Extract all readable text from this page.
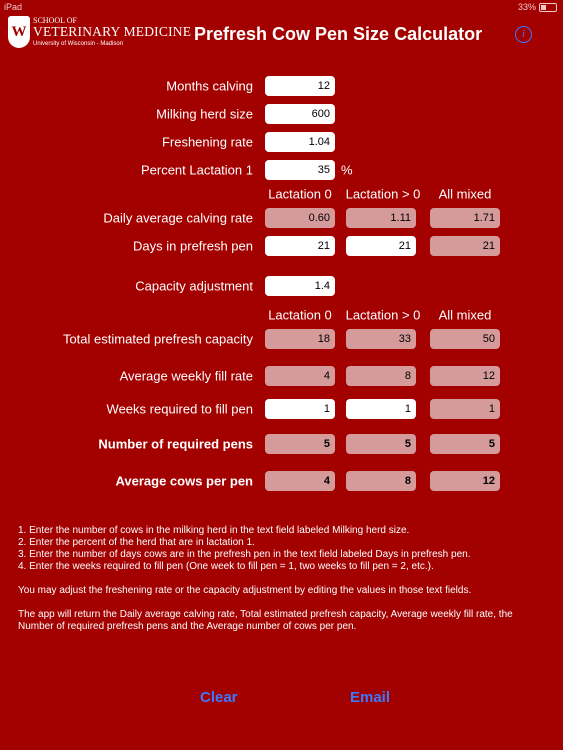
iPad	33%
W
SCHOOL OF
VETERINARY MEDICINE
University of Wisconsin - Madison	Prefresh Cow Pen Size Calculator	i
Months calving	12
Milking herd size	600
Freshening rate	1.04
Percent Lactation 1	35 %
Lactation 0	Lactation > 0	All mixed
Daily average calving rate	0.60	1.11	1.71
Days in prefresh pen	21	21	21
Capacity adjustment	1.4
Lactation 0	Lactation > 0	All mixed
Total estimated prefresh capacity	18	33	50
Average weekly fill rate	4	8	12
Weeks required to fill pen	1	1	1
Number of required pens	5	5	5
Average cows per pen	4	8	12

1. Enter the number of cows in the milking herd in the text field labeled Milking herd size.

2. Enter the percent of the herd that are in lactation 1.

3. Enter the number of days cows are in the prefresh pen in the text field labeled Days in prefresh pen.

4. Enter the weeks required to fill pen (One week to fill pen = 1, two weeks to fill pen = 2, etc.).

You may adjust the freshening rate or the capacity adjustment by editing the values in those text fields.

The app will return the Daily average calving rate, Total estimated prefresh capacity, Average weekly fill rate, the Number of required prefresh pens and the Average number of cows per pen.

Clear	Email
